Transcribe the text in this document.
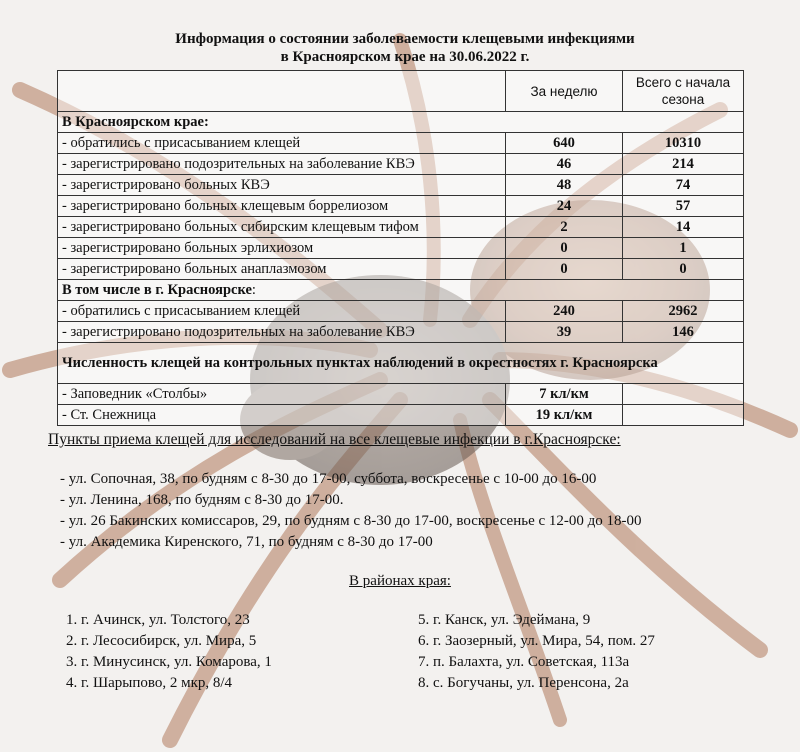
Информация о состоянии заболеваемости клещевыми инфекциями
в Красноярском крае на 30.06.2022 г.
	За неделю	Всего с начала
сезона
В Красноярском крае:		
- обратились с присасыванием клещей	640	10310
- зарегистрировано подозрительных на заболевание КВЭ	46	214
- зарегистрировано больных КВЭ	48	74
- зарегистрировано больных клещевым боррелиозом	24	57
- зарегистрировано больных сибирским клещевым тифом	2	14
- зарегистрировано больных эрлихиозом	0	1
- зарегистрировано больных анаплазмозом	0	0
В том числе в г. Красноярске:		
- обратились с присасыванием клещей	240	2962
- зарегистрировано подозрительных на заболевание КВЭ	39	146
Численность клещей на контрольных пунктах наблюдений в окрестностях г. Красноярска		
- Заповедник «Столбы»	7 кл/км	
- Ст. Снежница	19 кл/км	
Пункты приема клещей для исследований на все клещевые инфекции в г.Красноярске:
- ул. Сопочная, 38, по будням с 8-30 до 17-00, суббота, воскресенье с 10-00 до 16-00
- ул. Ленина, 168, по будням с 8-30 до 17-00.
- ул. 26 Бакинских комиссаров, 29, по будням с 8-30 до 17-00, воскресенье с 12-00 до 18-00
- ул. Академика Киренского, 71, по будням с 8-30 до 17-00
В районах края:
1. г. Ачинск, ул. Толстого, 23
2. г. Лесосибирск, ул. Мира, 5
3. г. Минусинск, ул. Комарова, 1
4. г. Шарыпово, 2 мкр, 8/4
5. г. Канск, ул. Эдеймана, 9
6. г. Заозерный, ул. Мира, 54, пом. 27
7. п. Балахта, ул. Советская, 113а
8. с. Богучаны, ул. Перенсона, 2а
